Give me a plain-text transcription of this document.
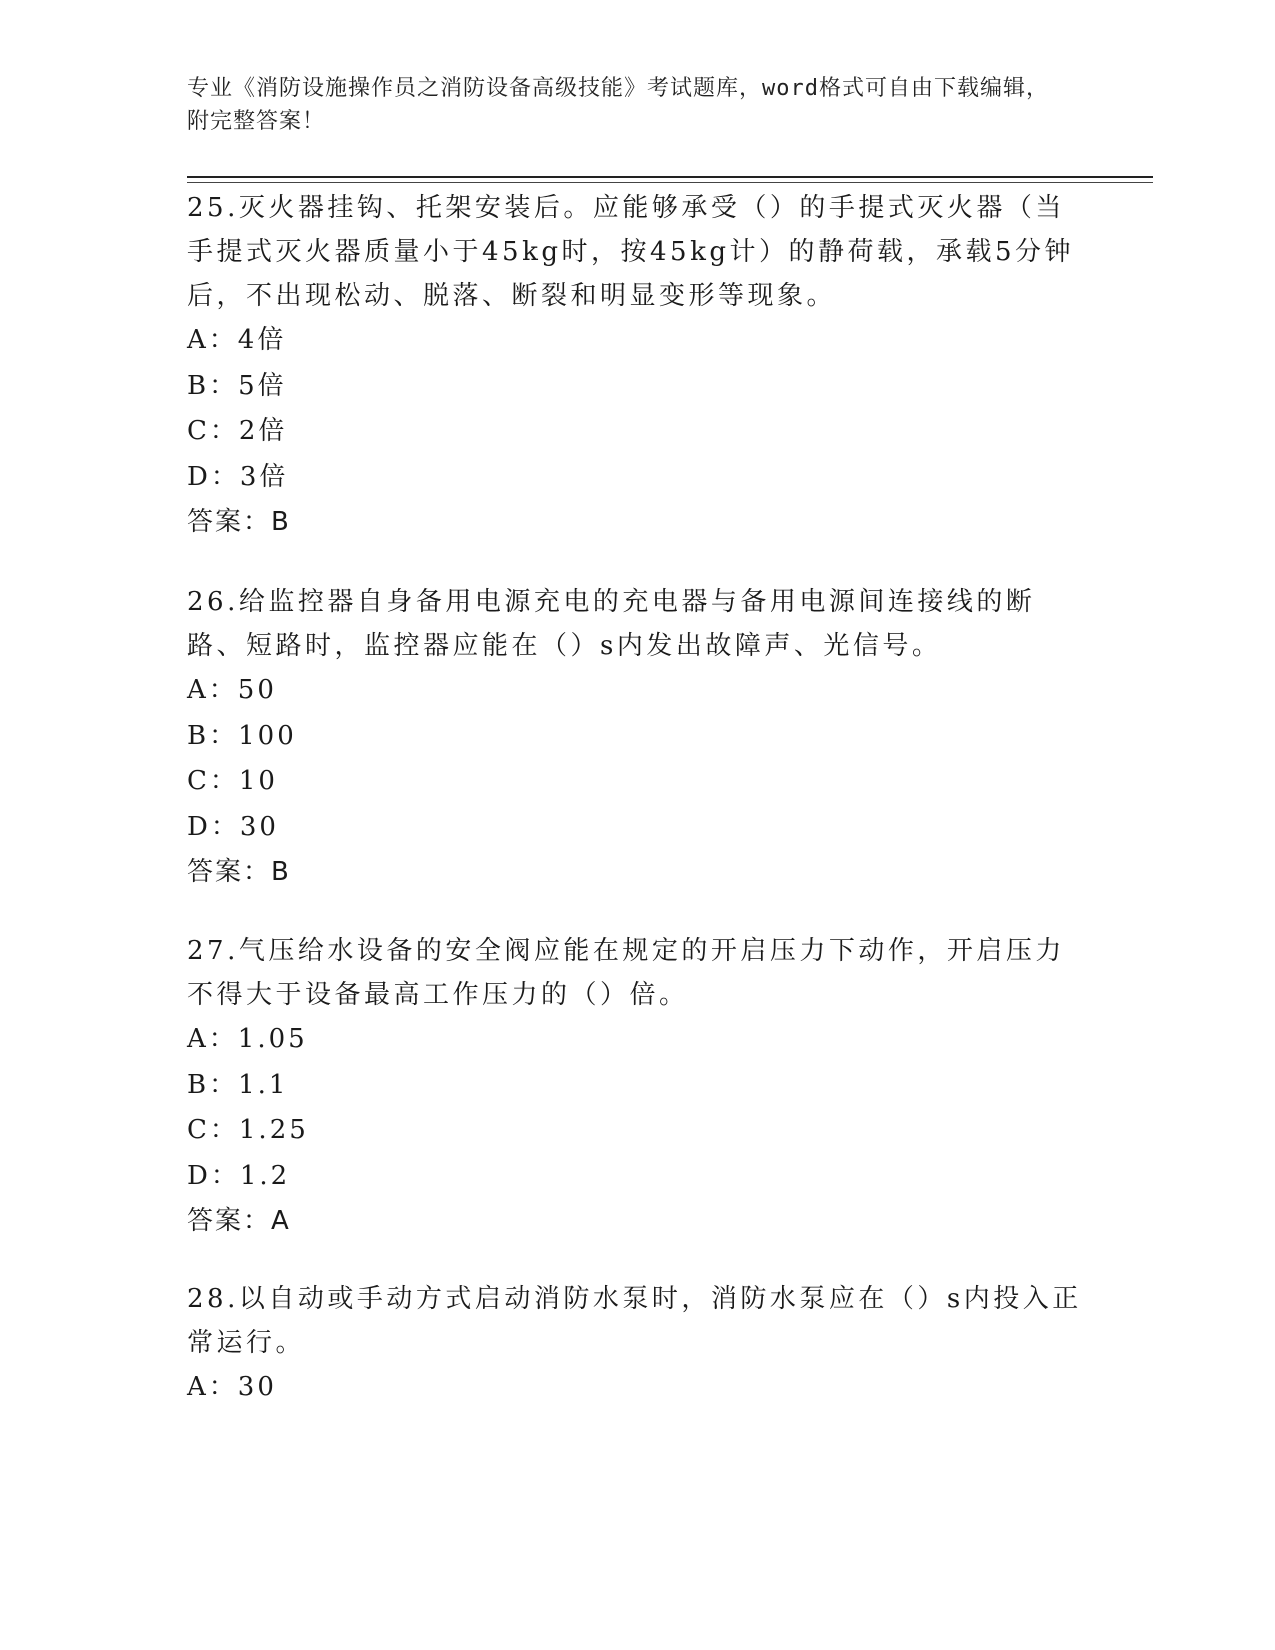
专业《消防设施操作员之消防设备高级技能》考试题库，word格式可自由下载编辑，附完整答案！

25.灭火器挂钩、托架安装后。应能够承受（）的手提式灭火器（当手提式灭火器质量小于45kg时，按45kg计）的静荷载，承载5分钟后，不出现松动、脱落、断裂和明显变形等现象。

A：4倍

B：5倍

C：2倍

D：3倍

答案：B

26.给监控器自身备用电源充电的充电器与备用电源间连接线的断路、短路时，监控器应能在（）s内发出故障声、光信号。

A：50

B：100

C：10

D：30

答案：B

27.气压给水设备的安全阀应能在规定的开启压力下动作，开启压力不得大于设备最高工作压力的（）倍。

A：1.05

B：1.1

C：1.25

D：1.2

答案：A

28.以自动或手动方式启动消防水泵时，消防水泵应在（）s内投入正常运行。

A：30
